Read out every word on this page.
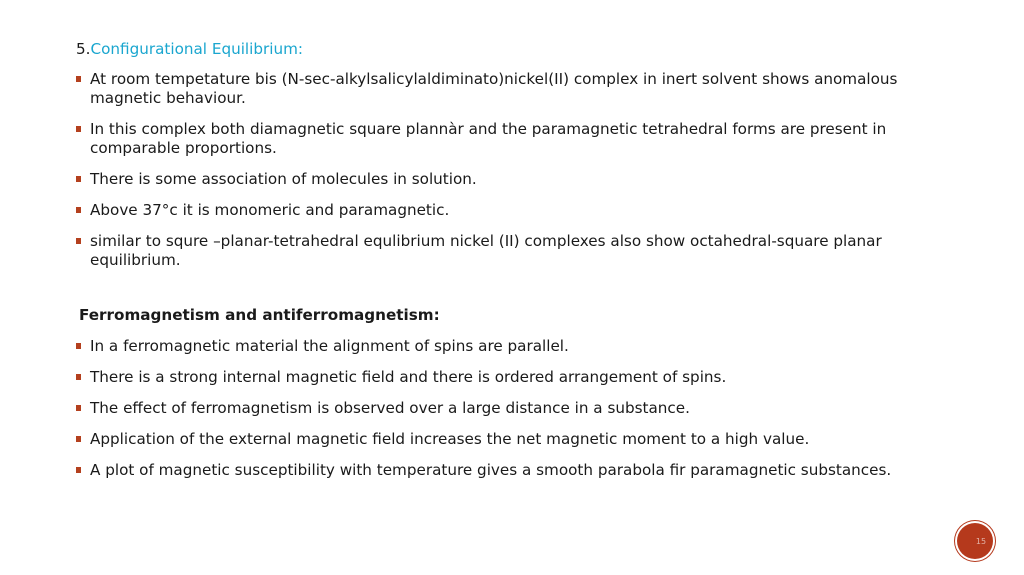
5.Configurational Equilibrium:
At room tempetature bis (N-sec-alkylsalicylaldiminato)nickel(II) complex in inert solvent shows anomalous magnetic behaviour.
In this complex both diamagnetic square plannàr and the paramagnetic tetrahedral forms are present in comparable proportions.
There is some association of molecules in solution.
Above 37°c it is monomeric and paramagnetic.
similar to squre –planar-tetrahedral equlibrium nickel (II) complexes also show octahedral-square planar equilibrium.
Ferromagnetism and antiferromagnetism:
In a ferromagnetic material the alignment of spins are parallel.
There is a strong internal magnetic field and there is ordered arrangement of spins.
The effect of ferromagnetism is observed over a large distance in a substance.
Application of the external magnetic field increases the net magnetic moment to a high value.
A plot of magnetic susceptibility with temperature gives a smooth parabola fir paramagnetic substances.
15
